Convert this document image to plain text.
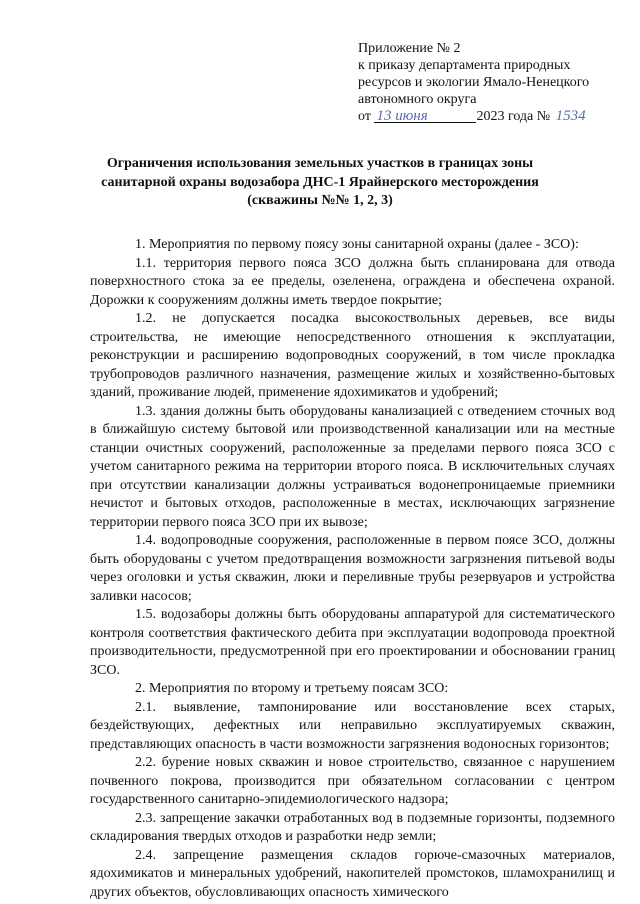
Приложение № 2
к приказу департамента природных
ресурсов и экологии Ямало-Ненецкого
автономного округа
от 13 июня	2023 года № 1534
Ограничения использования земельных участков в границах зоны
санитарной охраны водозабора ДНС-1 Ярайнерского месторождения
(скважины №№ 1, 2, 3)

1. Мероприятия по первому поясу зоны санитарной охраны (далее - ЗСО):

1.1. территория первого пояса ЗСО должна быть спланирована для отвода поверхностного стока за ее пределы, озеленена, ограждена и обеспечена охраной. Дорожки к сооружениям должны иметь твердое покрытие;

1.2. не допускается посадка высокоствольных деревьев, все виды строительства, не имеющие непосредственного отношения к эксплуатации, реконструкции и расширению водопроводных сооружений, в том числе прокладка трубопроводов различного назначения, размещение жилых и хозяйственно-бытовых зданий, проживание людей, применение ядохимикатов и удобрений;

1.3. здания должны быть оборудованы канализацией с отведением сточных вод в ближайшую систему бытовой или производственной канализации или на местные станции очистных сооружений, расположенные за пределами первого пояса ЗСО с учетом санитарного режима на территории второго пояса. В исключительных случаях при отсутствии канализации должны устраиваться водонепроницаемые приемники нечистот и бытовых отходов, расположенные в местах, исключающих загрязнение территории первого пояса ЗСО при их вывозе;

1.4. водопроводные сооружения, расположенные в первом поясе ЗСО, должны быть оборудованы с учетом предотвращения возможности загрязнения питьевой воды через оголовки и устья скважин, люки и переливные трубы резервуаров и устройства заливки насосов;

1.5. водозаборы должны быть оборудованы аппаратурой для систематического контроля соответствия фактического дебита при эксплуатации водопровода проектной производительности, предусмотренной при его проектировании и обосновании границ ЗСО.

2. Мероприятия по второму и третьему поясам ЗСО:

2.1. выявление, тампонирование или восстановление всех старых, бездействующих, дефектных или неправильно эксплуатируемых скважин, представляющих опасность в части возможности загрязнения водоносных горизонтов;

2.2. бурение новых скважин и новое строительство, связанное с нарушением почвенного покрова, производится при обязательном согласовании с центром государственного санитарно-эпидемиологического надзора;

2.3. запрещение закачки отработанных вод в подземные горизонты, подземного складирования твердых отходов и разработки недр земли;

2.4. запрещение размещения складов горюче-смазочных материалов, ядохимикатов и минеральных удобрений, накопителей промстоков, шламохранилищ и других объектов, обусловливающих опасность химического
